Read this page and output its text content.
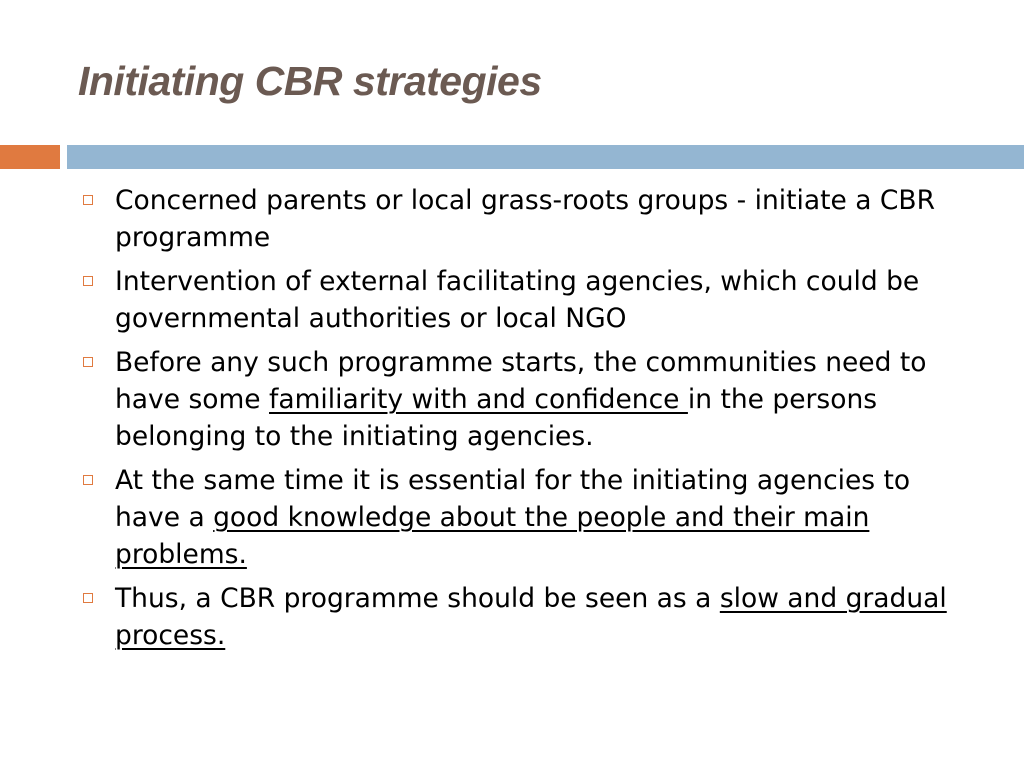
Initiating CBR strategies
Concerned parents or local grass-roots groups - initiate a CBR programme
Intervention of external facilitating agencies, which could be governmental authorities or local NGO
Before any such programme starts, the communities need to have some familiarity with and confidence in the persons belonging to the initiating agencies.
At the same time it is essential for the initiating agencies to have a good knowledge about the people and their main problems.
Thus, a CBR programme should be seen as a slow and gradual process.
